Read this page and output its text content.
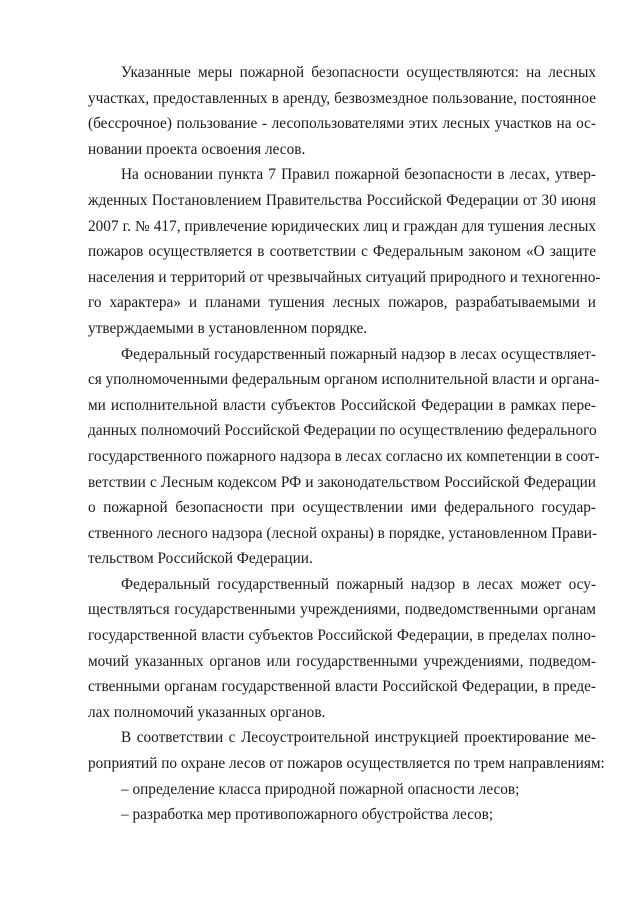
Указанные меры пожарной безопасности осуществляются: на лесных
участках, предоставленных в аренду, безвозмездное пользование, постоянное
(бессрочное) пользование - лесопользователями этих лесных участков на ос-
новании проекта освоения лесов.
На основании пункта 7 Правил пожарной безопасности в лесах, утвер-
жденных Постановлением Правительства Российской Федерации от 30 июня
2007 г. № 417, привлечение юридических лиц и граждан для тушения лесных
пожаров осуществляется в соответствии с Федеральным законом «О защите
населения и территорий от чрезвычайных ситуаций природного и техногенно-
го характера» и планами тушения лесных пожаров, разрабатываемыми и
утверждаемыми в установленном порядке.
Федеральный государственный пожарный надзор в лесах осуществляет-
ся уполномоченными федеральным органом исполнительной власти и органа-
ми исполнительной власти субъектов Российской Федерации в рамках пере-
данных полномочий Российской Федерации по осуществлению федерального
государственного пожарного надзора в лесах согласно их компетенции в соот-
ветствии с Лесным кодексом РФ и законодательством Российской Федерации
о пожарной безопасности при осуществлении ими федерального государ-
ственного лесного надзора (лесной охраны) в порядке, установленном Прави-
тельством Российской Федерации.
Федеральный государственный пожарный надзор в лесах может осу-
ществляться государственными учреждениями, подведомственными органам
государственной власти субъектов Российской Федерации, в пределах полно-
мочий указанных органов или государственными учреждениями, подведом-
ственными органам государственной власти Российской Федерации, в преде-
лах полномочий указанных органов.
В соответствии с Лесоустроительной инструкцией проектирование ме-
роприятий по охране лесов от пожаров осуществляется по трем направлениям:
– определение класса природной пожарной опасности лесов;
– разработка мер противопожарного обустройства лесов;
